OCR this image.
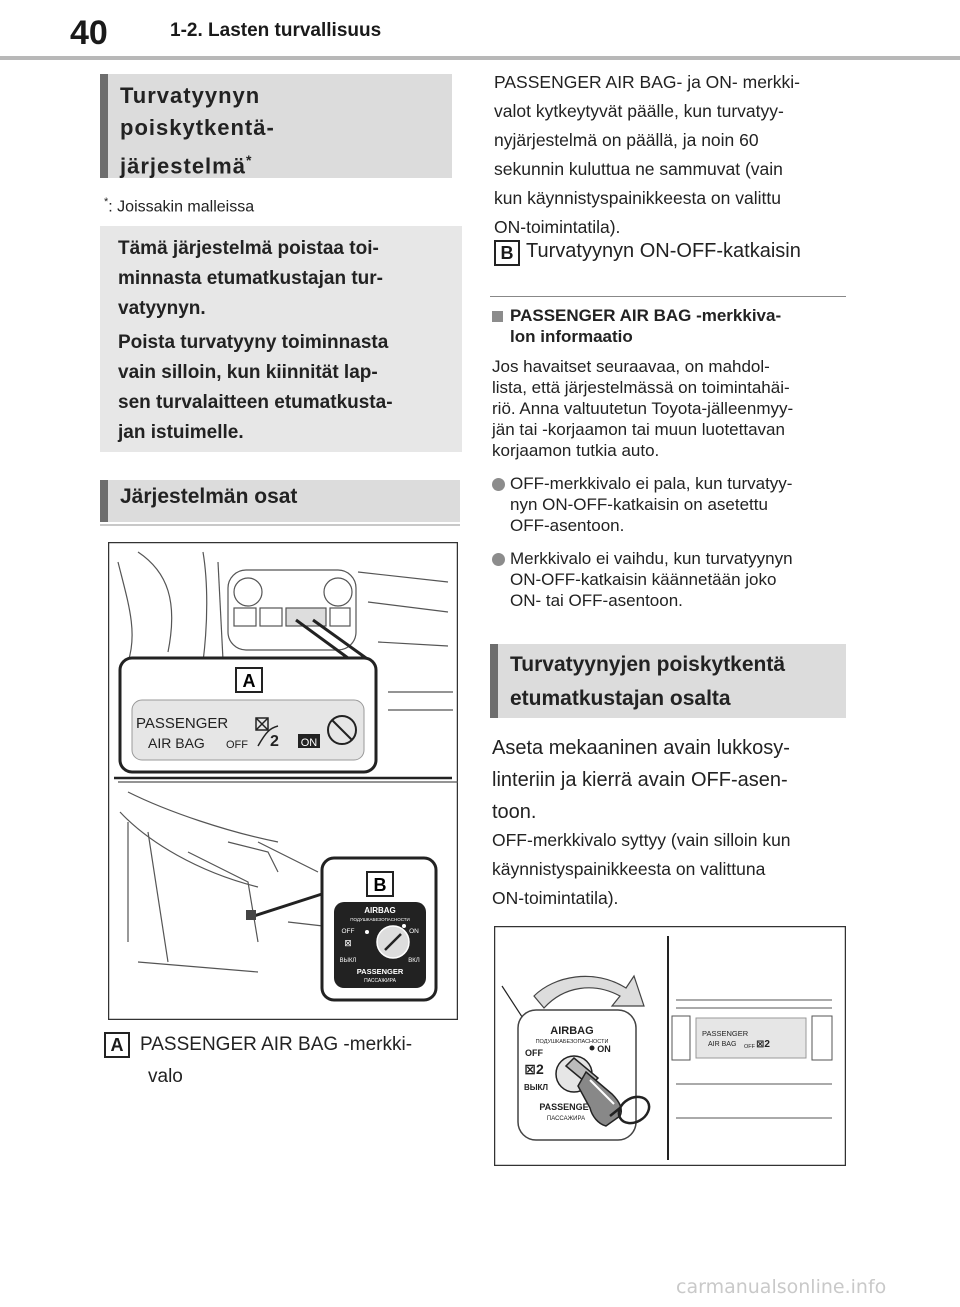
40	1-2. Lasten turvallisuus
Turvatyynyn
poiskytkentä-
järjestelmä*
*: Joissakin malleissa
Tämä järjestelmä poistaa toi-
minnasta etumatkustajan tur-
vatyynyn.
Poista turvatyyny toiminnasta
vain silloin, kun kiinnität lap-
sen turvalaitteen etumatkusta-
jan istuimelle.
Järjestelmän osat
A
PASSENGER
AIR BAG OFF 2 ON
B
AIRBAG
ПОДУШКАБЕЗОПАСНОСТИ
OFF	ON
⊠
ВЫКЛ	ВКЛ
PASSENGER
ПАССАЖИРА
A PASSENGER AIR BAG -merkki-
valo
PASSENGER AIR BAG- ja ON- merkki-
valot kytkeytyvät päälle, kun turvatyy-
nyjärjestelmä on päällä, ja noin 60
sekunnin kuluttua ne sammuvat (vain
kun käynnistyspainikkeesta on valittu
ON-toimintatila).
B Turvatyynyn ON-OFF-katkaisin
PASSENGER AIR BAG -merkkiva-
lon informaatio
Jos havaitset seuraavaa, on mahdol-
lista, että järjestelmässä on toimintahäi-
riö. Anna valtuutetun Toyota-jälleenmyy-
jän tai -korjaamon tai muun luotettavan
korjaamon tutkia auto.
OFF-merkkivalo ei pala, kun turvatyy-
nyn ON-OFF-katkaisin on asetettu
OFF-asentoon.
Merkkivalo ei vaihdu, kun turvatyynyn
ON-OFF-katkaisin käännetään joko
ON- tai OFF-asentoon.
Turvatyynyjen poiskytkentä
etumatkustajan osalta
Aseta mekaaninen avain lukkosy-
linteriin ja kierrä avain OFF-asen-
toon.
OFF-merkkivalo syttyy (vain silloin kun
käynnistyspainikkeesta on valittuna
ON-toimintatila).
PASSENGER
AIR BAG OFF ⊠2
AIRBAG
ПОДУШКАБЕЗОПАСНОСТИ
OFF	ON
⊠2
ВЫКЛ
PASSENGE
ПАССАЖИРА
carmanualsonline.info
